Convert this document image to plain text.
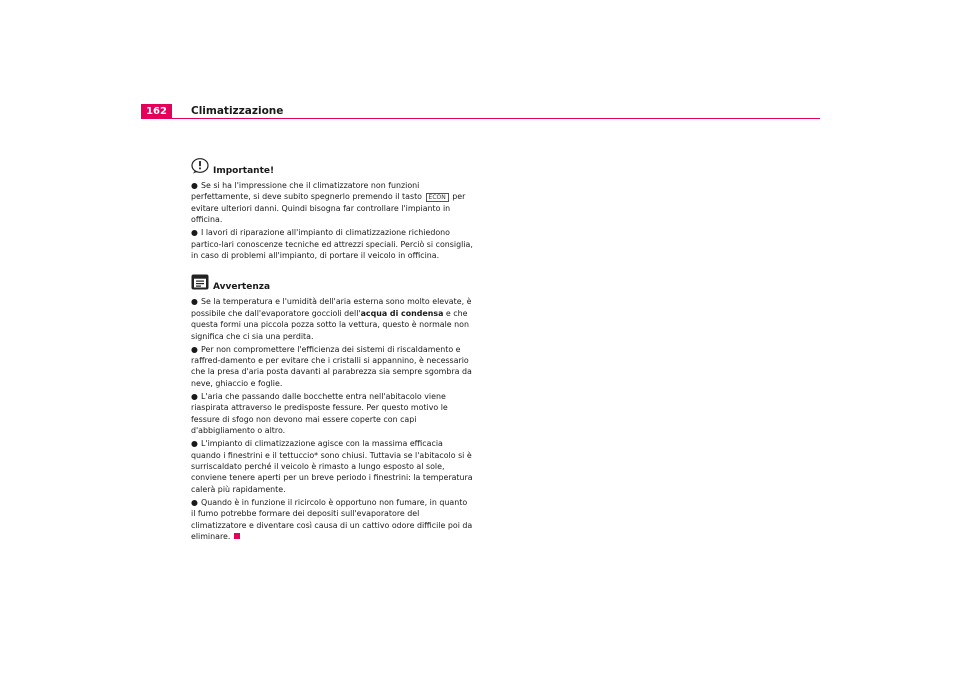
162	Climatizzazione
Importante!

● Se si ha l'impressione che il climatizzatore non funzioni perfettamente, si deve subito spegnerlo premendo il tasto ECON per evitare ulteriori danni. Quindi bisogna far controllare l'impianto in officina.

● I lavori di riparazione all'impianto di climatizzazione richiedono partico-lari conoscenze tecniche ed attrezzi speciali. Perciò si consiglia, in caso di problemi all'impianto, di portare il veicolo in officina.

Avvertenza

● Se la temperatura e l'umidità dell'aria esterna sono molto elevate, è possibile che dall'evaporatore goccioli dell'acqua di condensa e che questa formi una piccola pozza sotto la vettura, questo è normale non significa che ci sia una perdita.

● Per non compromettere l'efficienza dei sistemi di riscaldamento e raffred-damento e per evitare che i cristalli si appannino, è necessario che la presa d'aria posta davanti al parabrezza sia sempre sgombra da neve, ghiaccio e foglie.

● L'aria che passando dalle bocchette entra nell'abitacolo viene riaspirata attraverso le predisposte fessure. Per questo motivo le fessure di sfogo non devono mai essere coperte con capi d'abbigliamento o altro.

● L'impianto di climatizzazione agisce con la massima efficacia quando i finestrini e il tettuccio* sono chiusi. Tuttavia se l'abitacolo si è surriscaldato perché il veicolo è rimasto a lungo esposto al sole, conviene tenere aperti per un breve periodo i finestrini: la temperatura calerà più rapidamente.

● Quando è in funzione il ricircolo è opportuno non fumare, in quanto il fumo potrebbe formare dei depositi sull'evaporatore del climatizzatore e diventare così causa di un cattivo odore difficile poi da eliminare.
